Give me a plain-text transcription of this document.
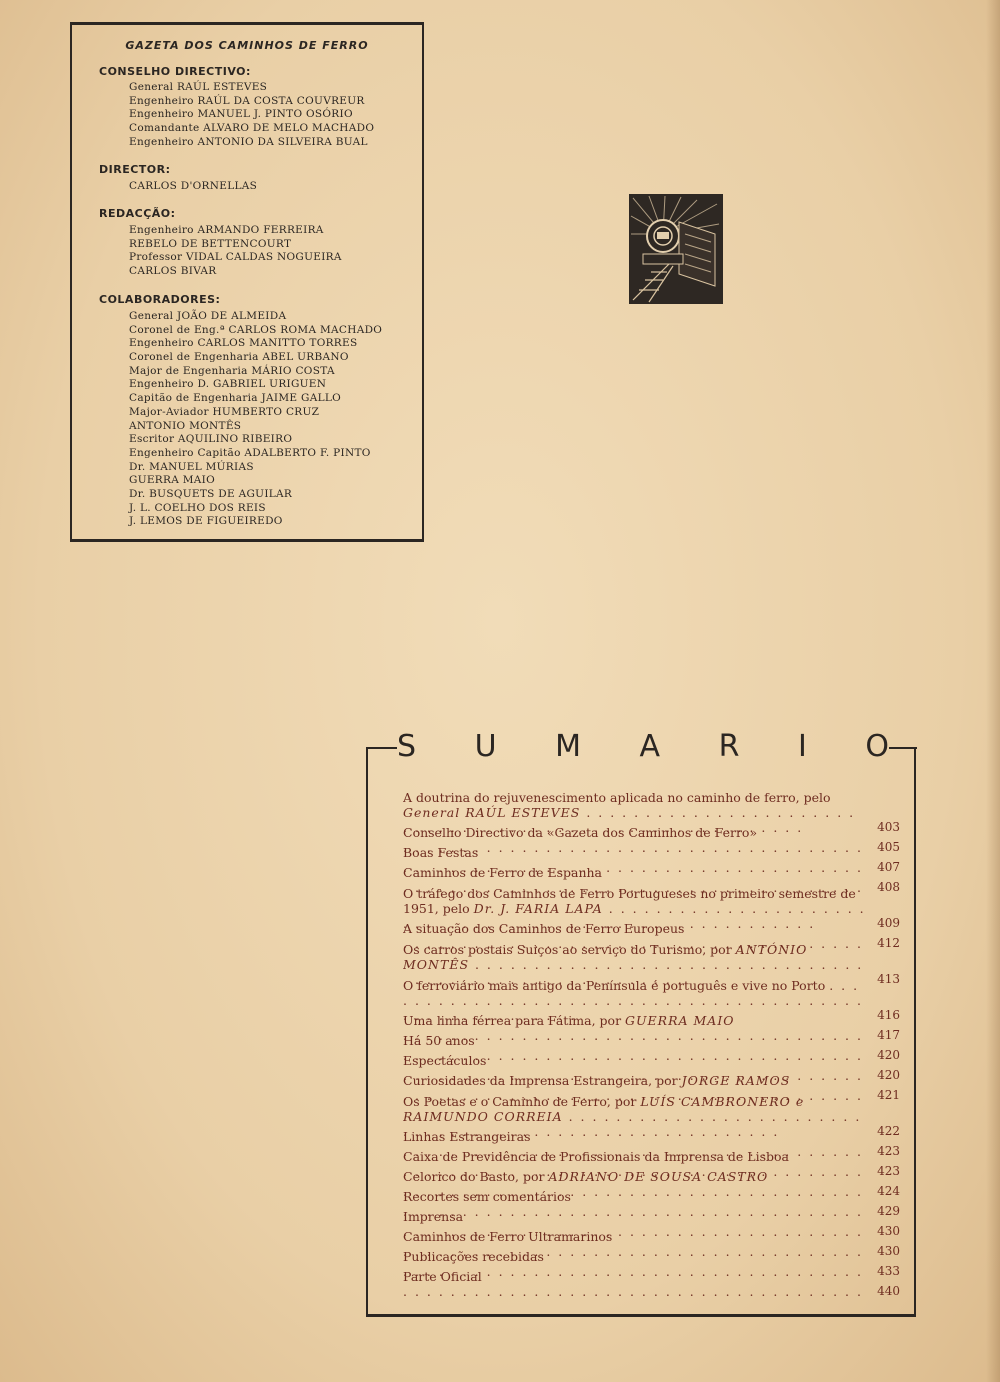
GAZETA DOS CAMINHOS DE FERRO
CONSELHO DIRECTIVO:
General RAÚL ESTEVES
Engenheiro RAÚL DA COSTA COUVREUR
Engenheiro MANUEL J. PINTO OSÓRIO
Comandante ALVARO DE MELO MACHADO
Engenheiro ANTONIO DA SILVEIRA BUAL
DIRECTOR:
CARLOS D'ORNELLAS
REDACÇÃO:
Engenheiro ARMANDO FERREIRA
REBELO DE BETTENCOURT
Professor VIDAL CALDAS NOGUEIRA
CARLOS BIVAR
COLABORADORES:
General JOÃO DE ALMEIDA
Coronel de Eng.ª CARLOS ROMA MACHADO
Engenheiro CARLOS MANITTO TORRES
Coronel de Engenharia ABEL URBANO
Major de Engenharia MÁRIO COSTA
Engenheiro D. GABRIEL URIGUEN
Capitão de Engenharia JAIME GALLO
Major-Aviador HUMBERTO CRUZ
ANTONIO MONTÊS
Escritor AQUILINO RIBEIRO
Engenheiro Capitão ADALBERTO F. PINTO
Dr. MANUEL MÚRIAS
GUERRA MAIO
Dr. BUSQUETS DE AGUILAR
J. L. COELHO DOS REIS
J. LEMOS DE FIGUEIREDO
S U M A R I O
A doutrina do rejuvenescimento aplicada no caminho de ferro, pelo General RAÚL ESTEVES . . .
403
Conselho Directivo da «Gazeta dos Caminhos de Ferro» . . .
405
Boas Festas . . .
407
Caminhos de Ferro de Espanha . . .
408
O tráfego dos Caminhos de Ferro Portugueses no primeiro semestre de 1951, pelo Dr. J. FARIA LAPA . . .
409
A situação dos Caminhos de Ferro Europeus . . .
412
Os carros postais Suiços ao serviço do Turismo, por ANTÓNIO MONTÊS . . .
413
O ferroviário mais antigo da Península é português e vive no Porto . . .
416
Uma linha férrea para Fátima, por GUERRA MAIO . . .
417
Há 50 anos . . .
420
Espectáculos . . .
420
Curiosidades da Imprensa Estrangeira, por JORGE RAMOS . . .
421
Os Poetas e o Caminho de Ferro, por LUÍS CAMBRONERO e RAIMUNDO CORREIA . . .
422
Linhas Estrangeiras . . .
423
Caixa de Previdência de Profissionais da Imprensa de Lisboa . . .
423
Celorico do Basto, por ADRIANO DE SOUSA CASTRO . . .
424
Recortes sem comentários . . .
429
Imprensa . . .
430
Caminhos de Ferro Ultramarinos . . .
430
Publicações recebidas . . .
433
Parte Oficial . . .
440
